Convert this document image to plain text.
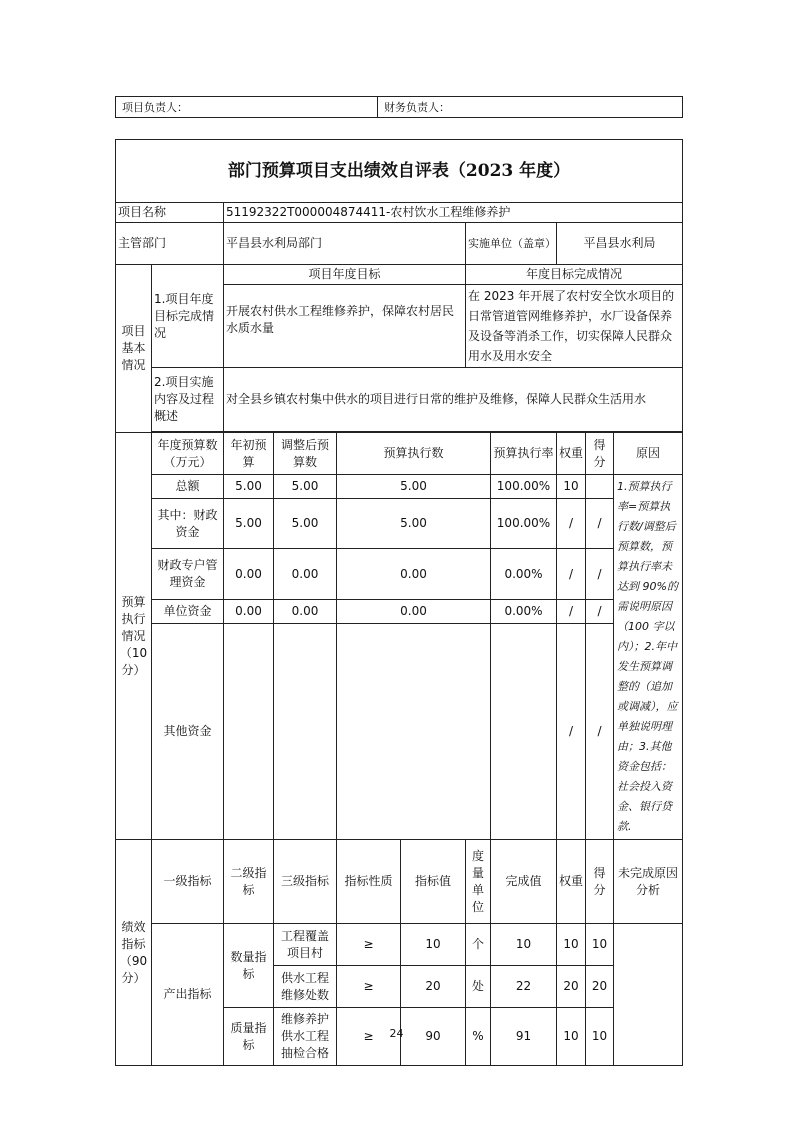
项目负责人：	财务负责人：
部门预算项目支出绩效自评表（2023 年度）										
项目名称		51192322T000004874411-农村饮水工程维修养护								
主管部门		平昌县水利局部门				实施单位（盖章）		平昌县水利局		
项目基本情况	1.项目年度目标完成情况	项目年度目标				年度目标完成情况				
		开展农村供水工程维修养护，保障农村居民水质水量				在 2023 年开展了农村安全饮水项目的日常管道管网维修养护，水厂设备保养及设备等消杀工作，切实保障人民群众用水及用水安全				
	2.项目实施内容及过程概述	对全县乡镇农村集中供水的项目进行日常的维护及维修，保障人民群众生活用水								

预算执行情况（10分）	年度预算数（万元）	年初预算	调整后预算数	预算执行数			预算执行率	权重	得分	原因
	总额	5.00	5.00	5.00			100.00%	10		1.预算执行率=预算执行数/调整后预算数，预算执行率未达到 90%的需说明原因（100 字以内）；2.年中发生预算调整的（追加或调减），应单独说明理由；3.其他资金包括：社会投入资金、银行贷款.
	其中：财政资金	5.00	5.00	5.00			100.00%	/	/	
	财政专户管理资金	0.00	0.00	0.00			0.00%	/	/	
	单位资金	0.00	0.00	0.00			0.00%	/	/	
	其他资金							/	/	
绩效指标（90分）	一级指标	二级指标	三级指标	指标性质	指标值	度量单位	完成值	权重	得分	未完成原因分析
	产出指标	数量指标	工程覆盖项目村	≥	10	个	10	10	10	
			供水工程维修处数	≥	20	处	22	20	20	
		质量指标	维修养护供水工程抽检合格	≥	90	%	91	10	10	
24
